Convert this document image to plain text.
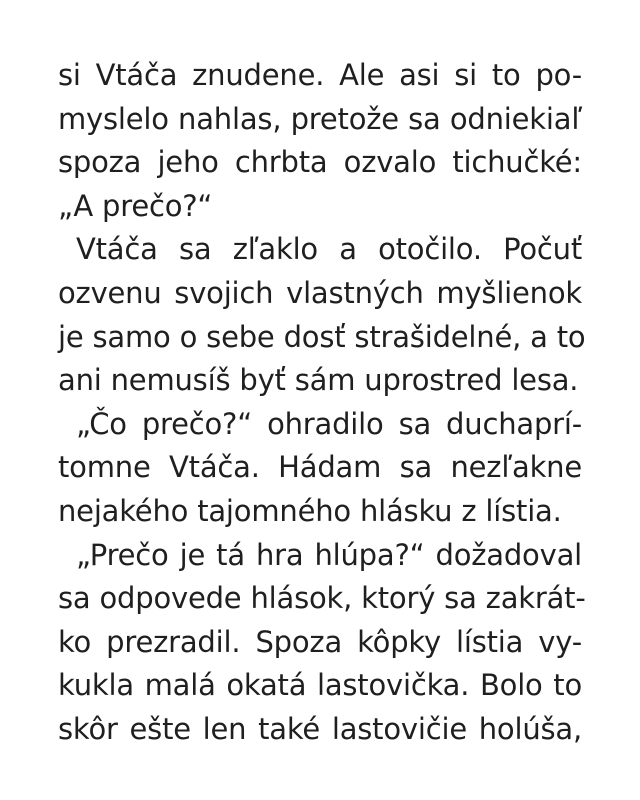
si Vtáča znudene. Ale asi si to po-
myslelo nahlas, pretože sa odniekiaľ
spoza jeho chrbta ozvalo tichučké:
„A prečo?“
Vtáča sa zľaklo a otočilo. Počuť
ozvenu svojich vlastných myšlienok
je samo o sebe dosť strašidelné, a to
ani nemusíš byť sám uprostred lesa.
„Čo prečo?“ ohradilo sa duchaprí-
tomne Vtáča. Hádam sa nezľakne
nejakého tajomného hlásku z lístia.
„Prečo je tá hra hlúpa?“ dožadoval
sa odpovede hlások, ktorý sa zakrát-
ko prezradil. Spoza kôpky lístia vy-
kukla malá okatá lastovička. Bolo to
skôr ešte len také lastovičie holúša,
